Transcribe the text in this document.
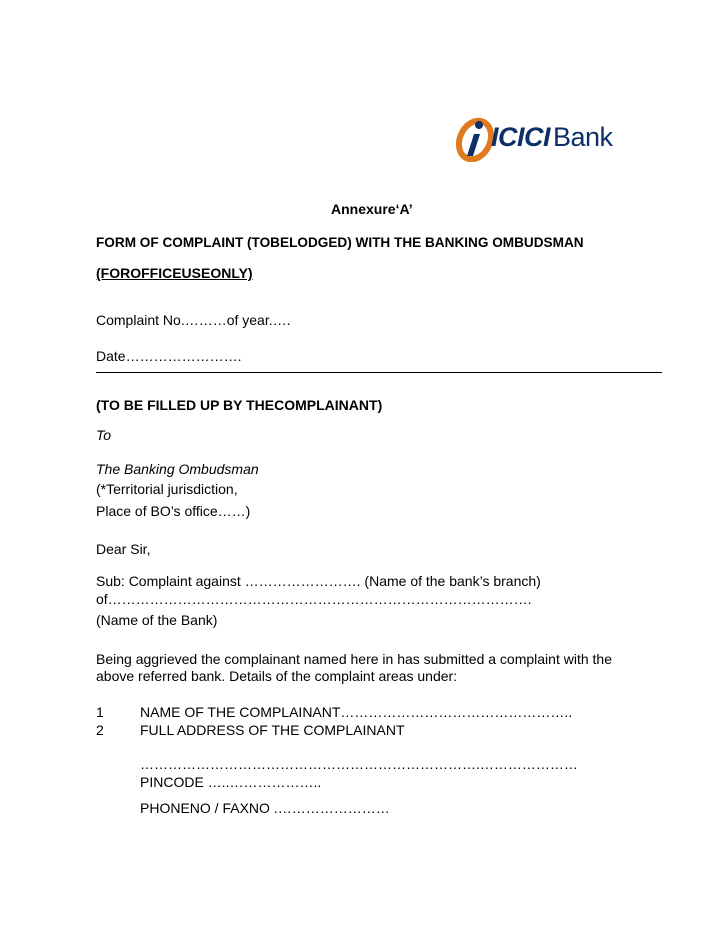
ICICI Bank
Annexure‘A’
FORM OF COMPLAINT (TOBELODGED) WITH THE BANKING OMBUDSMAN
(FOROFFICEUSEONLY)
Complaint No.………of year.….
Date…………………….
(TO BE FILLED UP BY THECOMPLAINANT)
To
The Banking Ombudsman
(*Territorial jurisdiction,
Place of BO’s office……)
Dear Sir,
Sub: Complaint against ……………………. (Name of the bank’s branch)
of……………………………………………………………………………….
(Name of the Bank)
Being aggrieved the complainant named here in has submitted a complaint with the
above referred bank. Details of the complaint areas under:
1	NAME OF THE COMPLAINANT…………………………………………..
2	FULL ADDRESS OF THE COMPLAINANT
……………………………………………………………….…………………
PINCODE …..………………..
PHONENO / FAXNO .……………………
